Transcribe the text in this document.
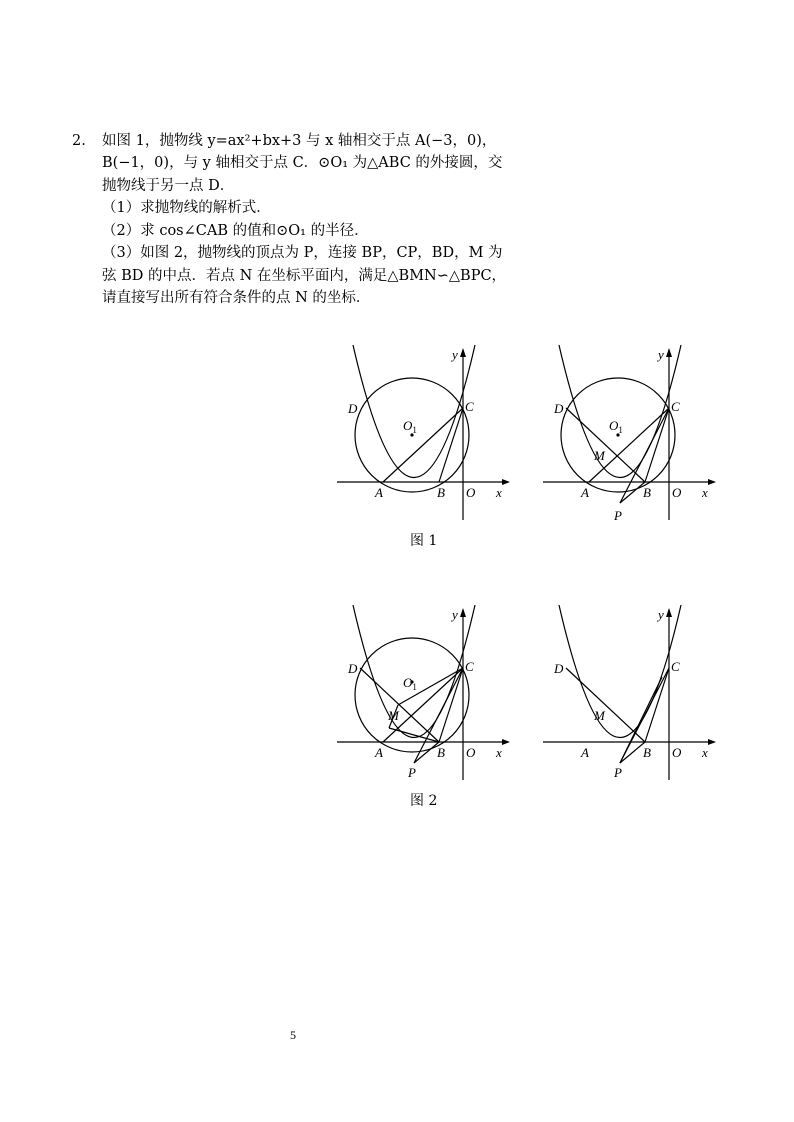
2. 如图 1，抛物线 y=ax²+bx+3 与 x 轴相交于点 A(−3，0)，
B(−1，0)，与 y 轴相交于点 C．⊙O₁ 为△ABC 的外接圆，交
抛物线于另一点 D．
（1）求抛物线的解析式．
（2）求 cos∠CAB 的值和⊙O₁ 的半径．
（3）如图 2，抛物线的顶点为 P，连接 BP，CP，BD，M 为
弦 BD 的中点．若点 N 在坐标平面内，满足△BMN∽△BPC，
请直接写出所有符合条件的点 N 的坐标．
y
x
O
A	B
C
D
$O_1$
y
x
O
A	B
C
D
P
M
$O_1$
图 1
y
x
O
A	B
C
D
P
M
$O_1$
y
x
O
A	B
C
D
P
M
图 2
5
